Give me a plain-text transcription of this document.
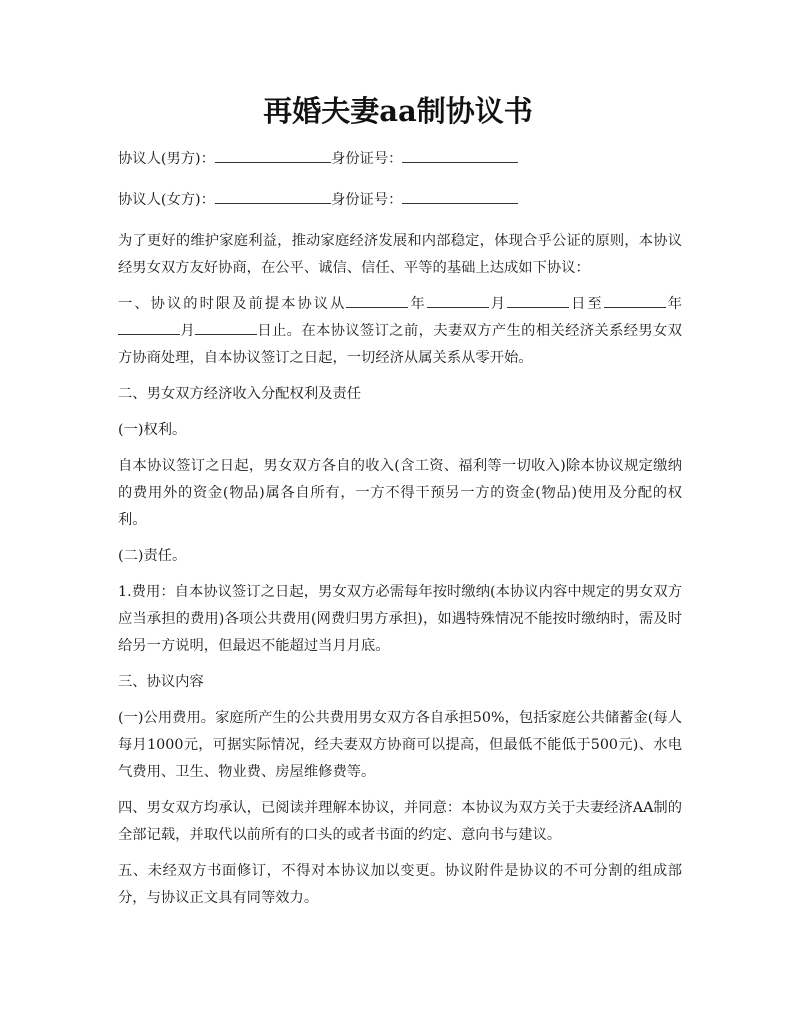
再婚夫妻aa制协议书

协议人(男方)：	身份证号：

协议人(女方)：	身份证号：

为了更好的维护家庭利益，推动家庭经济发展和内部稳定，体现合乎公证的原则，本协议经男女双方友好协商，在公平、诚信、信任、平等的基础上达成如下协议：

一、协议的时限及前提本协议从	年	月	日至	年月	日止。在本协议签订之前，夫妻双方产生的相关经济关系经男女双方协商处理，自本协议签订之日起，一切经济从属关系从零开始。

二、男女双方经济收入分配权利及责任

(一)权利。

自本协议签订之日起，男女双方各自的收入(含工资、福利等一切收入)除本协议规定缴纳的费用外的资金(物品)属各自所有，一方不得干预另一方的资金(物品)使用及分配的权利。

(二)责任。

1.费用：自本协议签订之日起，男女双方必需每年按时缴纳(本协议内容中规定的男女双方应当承担的费用)各项公共费用(网费归男方承担)，如遇特殊情况不能按时缴纳时，需及时给另一方说明，但最迟不能超过当月月底。

三、协议内容

(一)公用费用。家庭所产生的公共费用男女双方各自承担50%，包括家庭公共储蓄金(每人每月1000元，可据实际情况，经夫妻双方协商可以提高，但最低不能低于500元)、水电气费用、卫生、物业费、房屋维修费等。

四、男女双方均承认，已阅读并理解本协议，并同意：本协议为双方关于夫妻经济AA制的全部记载，并取代以前所有的口头的或者书面的约定、意向书与建议。

五、未经双方书面修订，不得对本协议加以变更。协议附件是协议的不可分割的组成部分，与协议正文具有同等效力。
